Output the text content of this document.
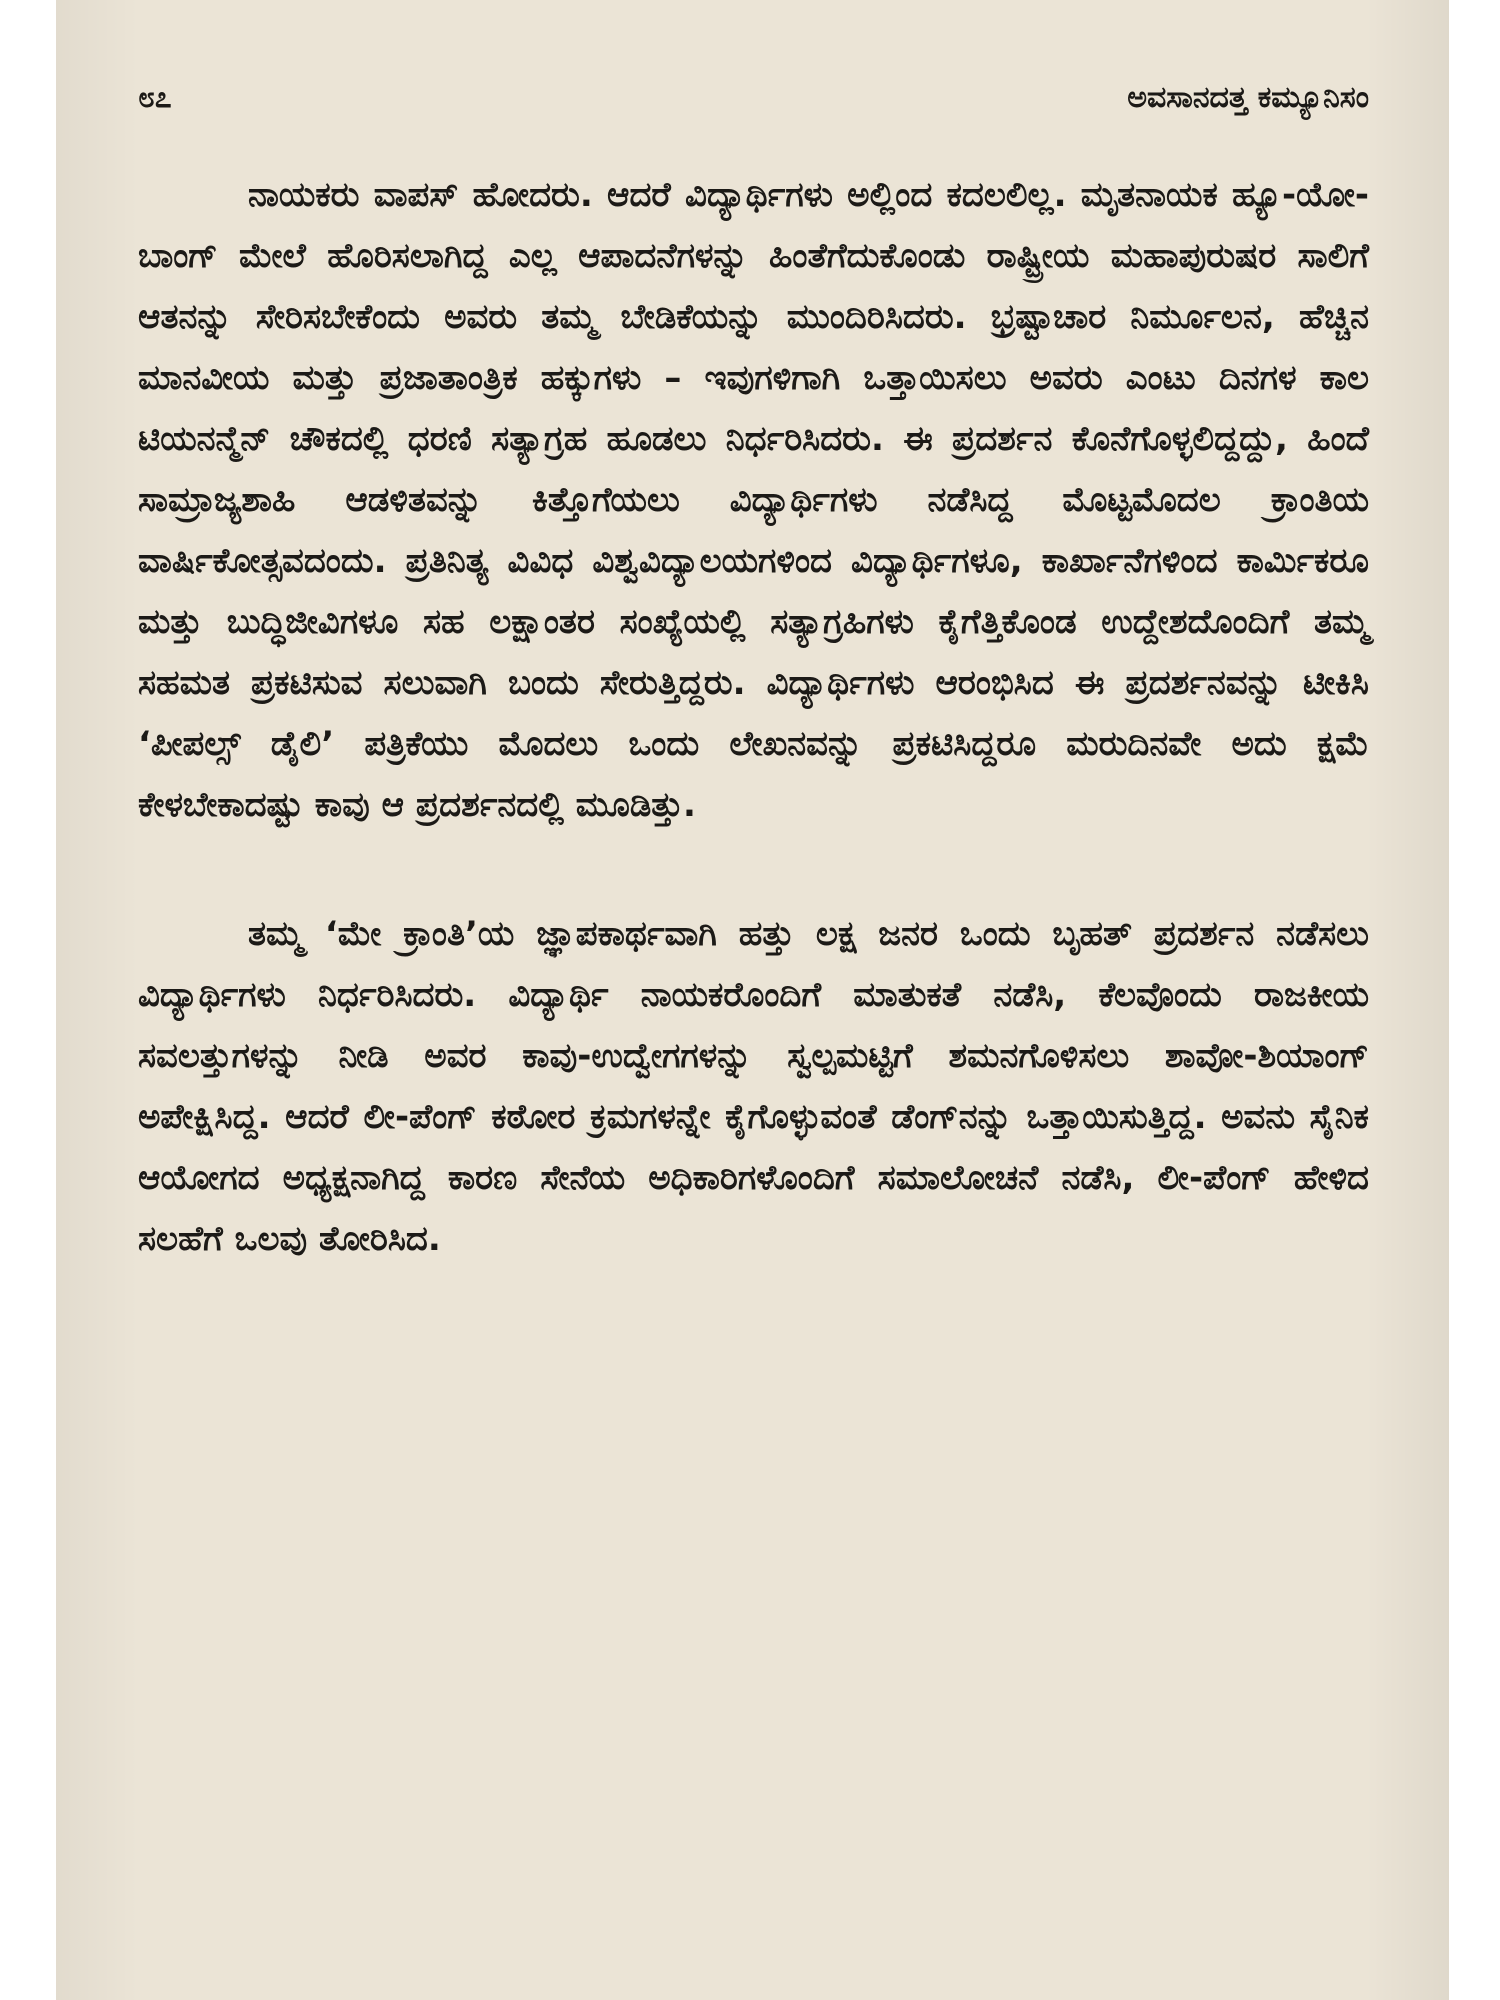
೮೭	ಅವಸಾನದತ್ತ ಕಮ್ಯೂನಿಸಂ

ನಾಯಕರು ವಾಪಸ್ ಹೋದರು. ಆದರೆ ವಿದ್ಯಾರ್ಥಿಗಳು ಅಲ್ಲಿಂದ ಕದಲಲಿಲ್ಲ. ಮೃತನಾಯಕ ಹ್ಯೂ-ಯೋ-ಬಾಂಗ್ ಮೇಲೆ ಹೊರಿಸಲಾಗಿದ್ದ ಎಲ್ಲ ಆಪಾದನೆಗಳನ್ನು ಹಿಂತೆಗೆದುಕೊಂಡು ರಾಷ್ಟ್ರೀಯ ಮಹಾಪುರುಷರ ಸಾಲಿಗೆ ಆತನನ್ನು ಸೇರಿಸಬೇಕೆಂದು ಅವರು ತಮ್ಮ ಬೇಡಿಕೆಯನ್ನು ಮುಂದಿರಿಸಿದರು. ಭ್ರಷ್ಟಾಚಾರ ನಿರ್ಮೂಲನ, ಹೆಚ್ಚಿನ ಮಾನವೀಯ ಮತ್ತು ಪ್ರಜಾತಾಂತ್ರಿಕ ಹಕ್ಕುಗಳು – ಇವುಗಳಿಗಾಗಿ ಒತ್ತಾಯಿಸಲು ಅವರು ಎಂಟು ದಿನಗಳ ಕಾಲ ಟಿಯನನ್ಮೆನ್ ಚೌಕದಲ್ಲಿ ಧರಣಿ ಸತ್ಯಾಗ್ರಹ ಹೂಡಲು ನಿರ್ಧರಿಸಿದರು. ಈ ಪ್ರದರ್ಶನ ಕೊನೆಗೊಳ್ಳಲಿದ್ದದ್ದು, ಹಿಂದೆ ಸಾಮ್ರಾಜ್ಯಶಾಹಿ ಆಡಳಿತವನ್ನು ಕಿತ್ತೊಗೆಯಲು ವಿದ್ಯಾರ್ಥಿಗಳು ನಡೆಸಿದ್ದ ಮೊಟ್ಟಮೊದಲ ಕ್ರಾಂತಿಯ ವಾರ್ಷಿಕೋತ್ಸವದಂದು. ಪ್ರತಿನಿತ್ಯ ವಿವಿಧ ವಿಶ್ವವಿದ್ಯಾಲಯಗಳಿಂದ ವಿದ್ಯಾರ್ಥಿಗಳೂ, ಕಾರ್ಖಾನೆಗಳಿಂದ ಕಾರ್ಮಿಕರೂ ಮತ್ತು ಬುದ್ಧಿಜೀವಿಗಳೂ ಸಹ ಲಕ್ಷಾಂತರ ಸಂಖ್ಯೆಯಲ್ಲಿ ಸತ್ಯಾಗ್ರಹಿಗಳು ಕೈಗೆತ್ತಿಕೊಂಡ ಉದ್ದೇಶದೊಂದಿಗೆ ತಮ್ಮ ಸಹಮತ ಪ್ರಕಟಿಸುವ ಸಲುವಾಗಿ ಬಂದು ಸೇರುತ್ತಿದ್ದರು. ವಿದ್ಯಾರ್ಥಿಗಳು ಆರಂಭಿಸಿದ ಈ ಪ್ರದರ್ಶನವನ್ನು ಟೀಕಿಸಿ ‘ಪೀಪಲ್ಸ್ ಡೈಲಿ’ ಪತ್ರಿಕೆಯು ಮೊದಲು ಒಂದು ಲೇಖನವನ್ನು ಪ್ರಕಟಿಸಿದ್ದರೂ ಮರುದಿನವೇ ಅದು ಕ್ಷಮೆ ಕೇಳಬೇಕಾದಷ್ಟು ಕಾವು ಆ ಪ್ರದರ್ಶನದಲ್ಲಿ ಮೂಡಿತ್ತು.

ತಮ್ಮ ‘ಮೇ ಕ್ರಾಂತಿ’ಯ ಜ್ಞಾಪಕಾರ್ಥವಾಗಿ ಹತ್ತು ಲಕ್ಷ ಜನರ ಒಂದು ಬೃಹತ್ ಪ್ರದರ್ಶನ ನಡೆಸಲು ವಿದ್ಯಾರ್ಥಿಗಳು ನಿರ್ಧರಿಸಿದರು. ವಿದ್ಯಾರ್ಥಿ ನಾಯಕರೊಂದಿಗೆ ಮಾತುಕತೆ ನಡೆಸಿ, ಕೆಲವೊಂದು ರಾಜಕೀಯ ಸವಲತ್ತುಗಳನ್ನು ನೀಡಿ ಅವರ ಕಾವು-ಉದ್ವೇಗಗಳನ್ನು ಸ್ವಲ್ಪಮಟ್ಟಿಗೆ ಶಮನಗೊಳಿಸಲು ಶಾವೋ-ಶಿಯಾಂಗ್ ಅಪೇಕ್ಷಿಸಿದ್ದ. ಆದರೆ ಲೀ-ಪೆಂಗ್ ಕಠೋರ ಕ್ರಮಗಳನ್ನೇ ಕೈಗೊಳ್ಳುವಂತೆ ಡೆಂಗ್‌ನನ್ನು ಒತ್ತಾಯಿಸುತ್ತಿದ್ದ. ಅವನು ಸೈನಿಕ ಆಯೋಗದ ಅಧ್ಯಕ್ಷನಾಗಿದ್ದ ಕಾರಣ ಸೇನೆಯ ಅಧಿಕಾರಿಗಳೊಂದಿಗೆ ಸಮಾಲೋಚನೆ ನಡೆಸಿ, ಲೀ-ಪೆಂಗ್ ಹೇಳಿದ ಸಲಹೆಗೆ ಒಲವು ತೋರಿಸಿದ.
